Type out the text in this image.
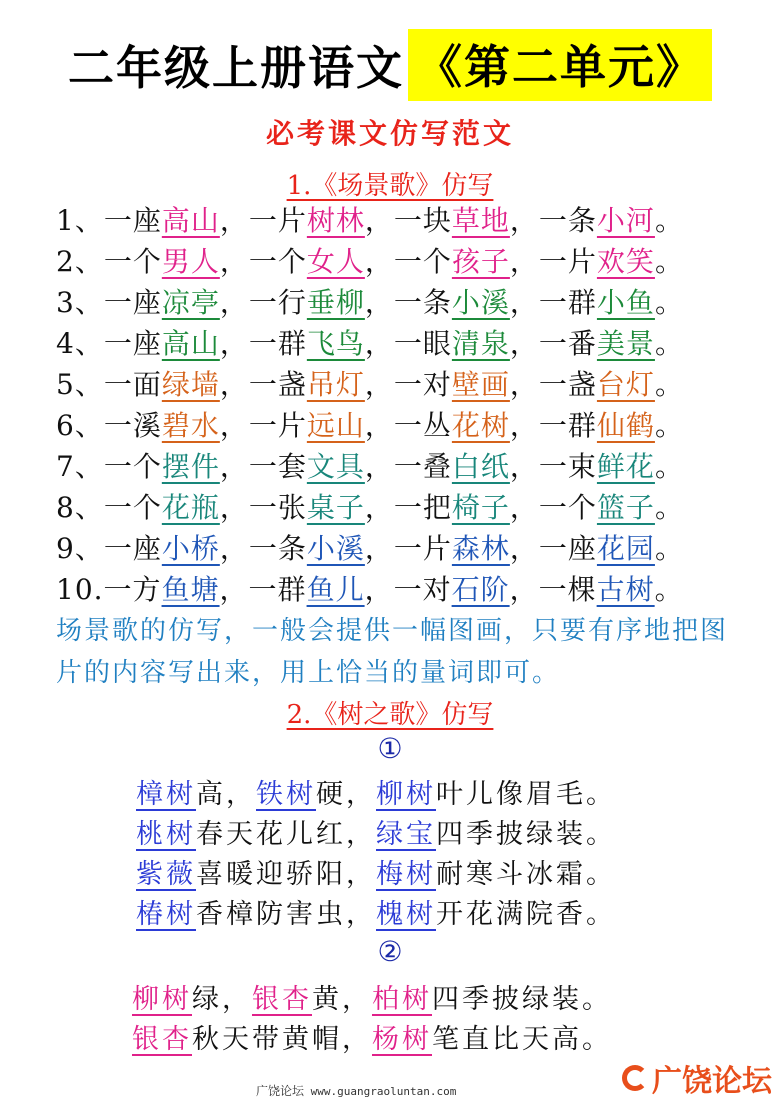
二年级上册语文 《第二单元》
必考课文仿写范文
1.《场景歌》仿写
1、一座高山，一片树林，一块草地，一条小河。
2、一个男人，一个女人，一个孩子，一片欢笑。
3、一座凉亭，一行垂柳，一条小溪，一群小鱼。
4、一座高山，一群飞鸟，一眼清泉，一番美景。
5、一面绿墙，一盏吊灯，一对壁画，一盏台灯。
6、一溪碧水，一片远山，一丛花树，一群仙鹤。
7、一个摆件，一套文具，一叠白纸，一束鲜花。
8、一个花瓶，一张桌子，一把椅子，一个篮子。
9、一座小桥，一条小溪，一片森林，一座花园。
10.一方鱼塘，一群鱼儿，一对石阶，一棵古树。
场景歌的仿写，一般会提供一幅图画，只要有序地把图片的内容写出来，用上恰当的量词即可。
2.《树之歌》仿写
①
樟树高，铁树硬，柳树叶儿像眉毛。
桃树春天花儿红，绿宝四季披绿装。
紫薇喜暖迎骄阳，梅树耐寒斗冰霜。
椿树香樟防害虫，槐树开花满院香。
②
柳树绿，银杏黄，柏树四季披绿装。
银杏秋天带黄帽，杨树笔直比天高。
广饶论坛 www.guangraoluntan.com	广饶论坛
